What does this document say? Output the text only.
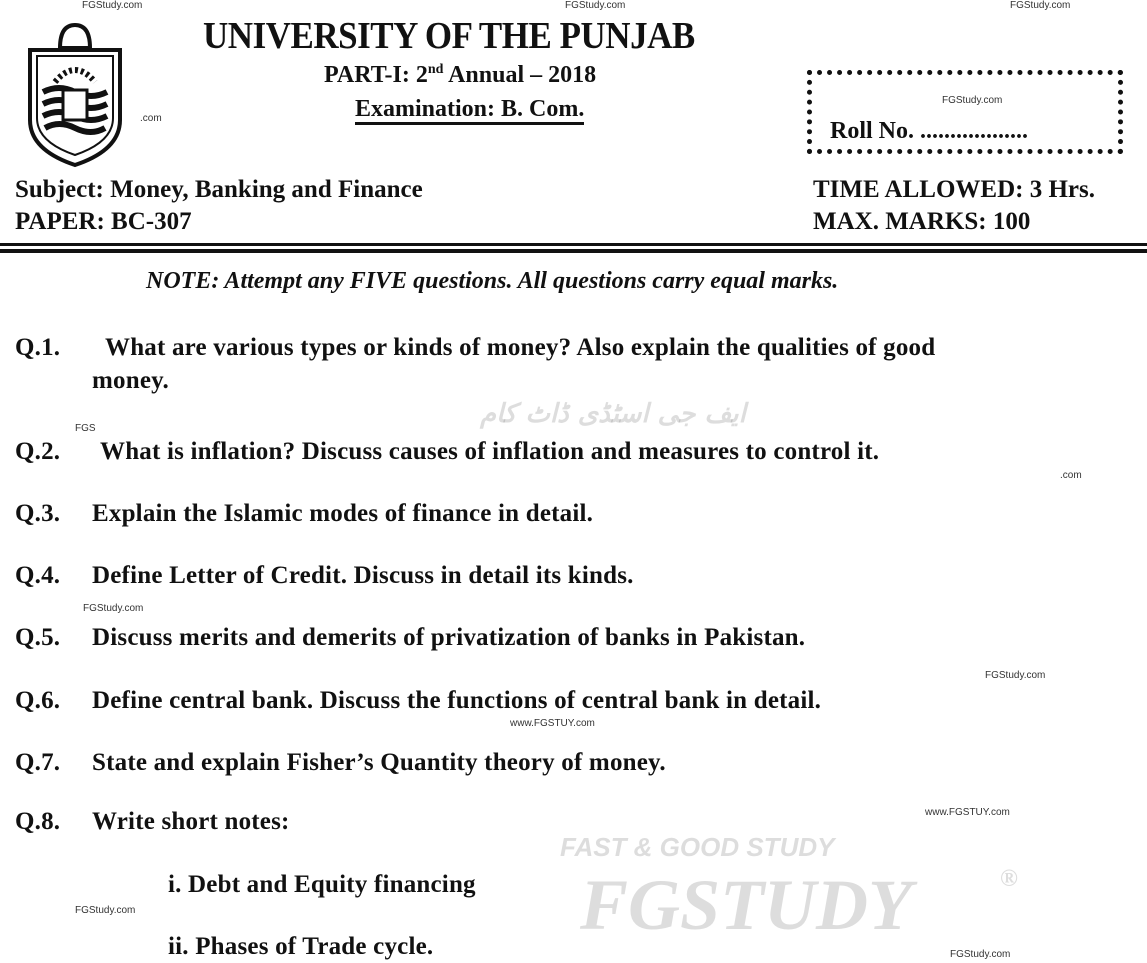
ایف جی اسٹڈی ڈاٹ کام
FAST & GOOD STUDY
FGSTUDY	®
FGStudy.com	FGStudy.com	FGStudy.com
.com
FGS
.com
FGStudy.com
FGStudy.com
www.FGSTUY.com
www.FGSTUY.com
FGStudy.com
FGStudy.com
UNIVERSITY OF THE PUNJAB
PART-I: 2nd Annual – 2018
Examination: B. Com.	FGStudy.com
Roll No. ..................
Subject: Money, Banking and Finance
PAPER: BC-307
TIME ALLOWED: 3 Hrs.
MAX. MARKS: 100
NOTE: Attempt any FIVE questions. All questions carry equal marks.
Q.1. What are various types or kinds of money? Also explain the qualities of good
money.
Q.2. What is inflation? Discuss causes of inflation and measures to control it.
Q.3. Explain the Islamic modes of finance in detail.
Q.4. Define Letter of Credit. Discuss in detail its kinds.
Q.5. Discuss merits and demerits of privatization of banks in Pakistan.
Q.6. Define central bank. Discuss the functions of central bank in detail.
Q.7. State and explain Fisher’s Quantity theory of money.
Q.8. Write short notes:
i. Debt and Equity financing
ii. Phases of Trade cycle.
